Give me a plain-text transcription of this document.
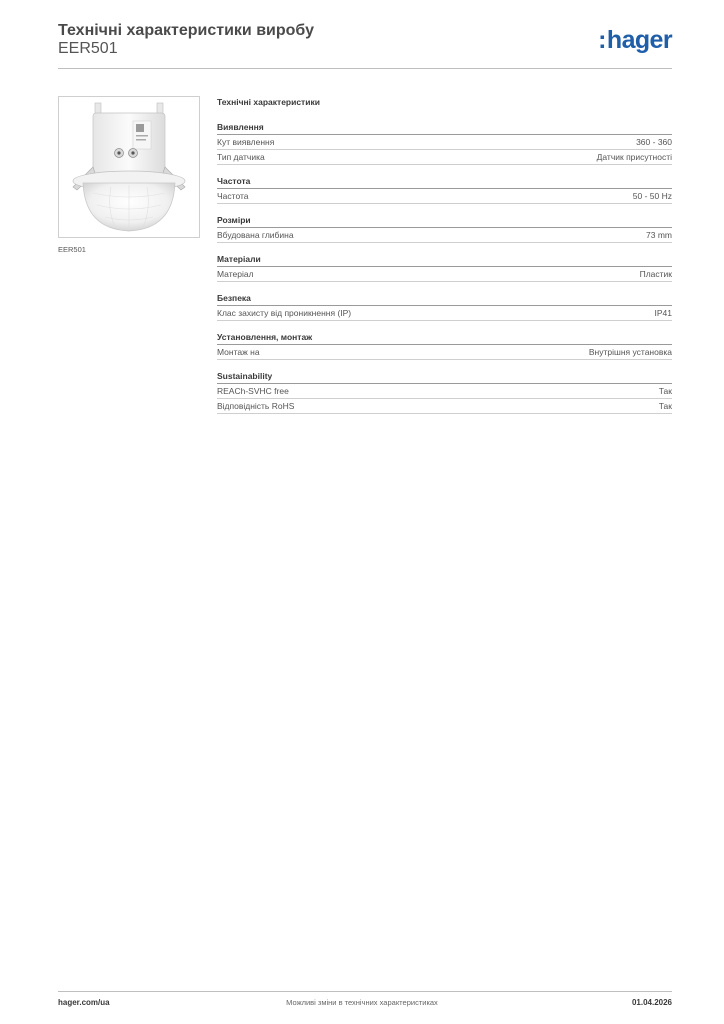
Технічні характеристики виробу
EER501	:hager
EER501
Технічні характеристики
Виявлення
Кут виявлення	360 - 360
Тип датчика	Датчик присутності
Частота
Частота	50 - 50 Hz
Розміри
Вбудована глибина	73 mm
Матеріали
Матеріал	Пластик
Безпека
Клас захисту від проникнення (IP)	IP41
Установлення, монтаж
Монтаж на	Внутрішня установка
Sustainability
REACh-SVHC free	Так
Відповідність RoHS	Так
hager.com/ua	Можливі зміни в технічних характеристиках	01.04.2026
